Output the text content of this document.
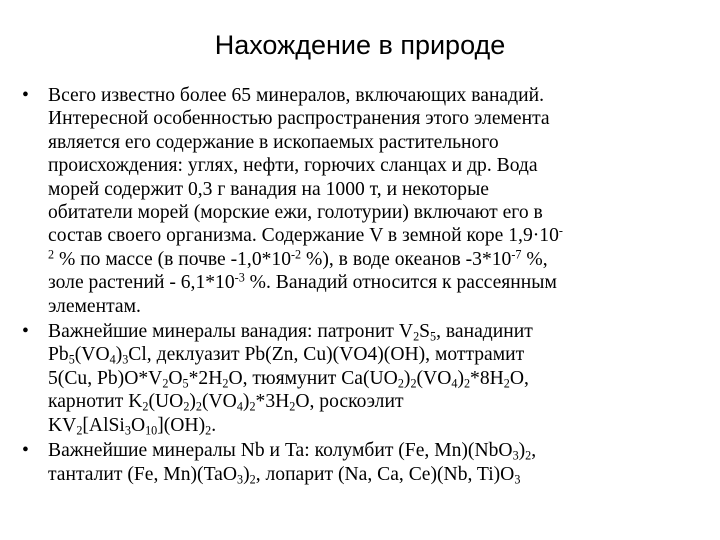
Нахождение в природе
• Всего известно более 65 минералов, включающих ванадий.
Интересной особенностью распространения этого элемента
является его содержание в ископаемых растительного
происхождения: углях, нефти, горючих сланцах и др. Вода
морей содержит 0,3 г ванадия на 1000 т, и некоторые
обитатели морей (морские ежи, голотурии) включают его в
состав своего организма. Содержание V в земной коре 1,9·10-
$^2$ % по массе (в почве $-1,0*10^{-2}$ %), в воде океанов $-3*10^{-7}$ %,
золе растений - $6,1*10^{-3}$ %. Ванадий относится к рассеянным
элементам.
• Важнейшие минералы ванадия: патронит $V_2S_5$, ванадинит
$Pb_5(VO_4)_3Cl$, деклуазит Pb(Zn, Cu)(VO4)(OH), моттрамит
5(Cu, $Pb)O*V_2O_5*2H_2O$, тюямунит $Ca(UO_2)_2(VO_4)_2*8H_2O$,
карнотит $K_2(UO_2)_2(VO_4)_2*3H_2O$, роскоэлит
$KV_2[AlSi_3O_{10}](OH)_2$.
• Важнейшие минералы Nb и Ta: колумбит (Fe, $Mn)(NbO_3)_2$,
танталит (Fe, $Mn)(TaO_3)_2$, лопарит (Na, Ca, Ce)(Nb, $Ti)O_3$
